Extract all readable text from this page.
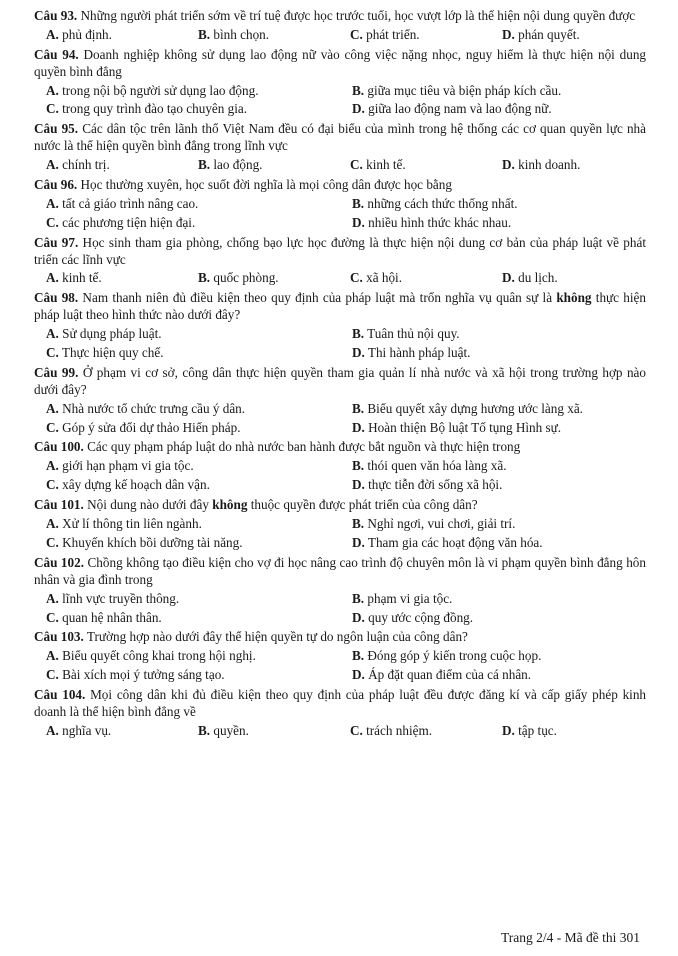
Câu 93. Những người phát triển sớm về trí tuệ được học trước tuổi, học vượt lớp là thể hiện nội dung quyền được
A. phủ định.	B. bình chọn.	C. phát triển.	D. phán quyết.
Câu 94. Doanh nghiệp không sử dụng lao động nữ vào công việc nặng nhọc, nguy hiểm là thực hiện nội dung quyền bình đẳng
A. trong nội bộ người sử dụng lao động.	B. giữa mục tiêu và biện pháp kích cầu.
C. trong quy trình đào tạo chuyên gia.	D. giữa lao động nam và lao động nữ.
Câu 95. Các dân tộc trên lãnh thổ Việt Nam đều có đại biểu của mình trong hệ thống các cơ quan quyền lực nhà nước là thể hiện quyền bình đẳng trong lĩnh vực
A. chính trị.	B. lao động.	C. kinh tế.	D. kinh doanh.
Câu 96. Học thường xuyên, học suốt đời nghĩa là mọi công dân được học bằng
A. tất cả giáo trình nâng cao.	B. những cách thức thống nhất.
C. các phương tiện hiện đại.	D. nhiều hình thức khác nhau.
Câu 97. Học sinh tham gia phòng, chống bạo lực học đường là thực hiện nội dung cơ bản của pháp luật về phát triển các lĩnh vực
A. kinh tế.	B. quốc phòng.	C. xã hội.	D. du lịch.
Câu 98. Nam thanh niên đủ điều kiện theo quy định của pháp luật mà trốn nghĩa vụ quân sự là không thực hiện pháp luật theo hình thức nào dưới đây?
A. Sử dụng pháp luật.	B. Tuân thủ nội quy.
C. Thực hiện quy chế.	D. Thi hành pháp luật.
Câu 99. Ở phạm vi cơ sở, công dân thực hiện quyền tham gia quản lí nhà nước và xã hội trong trường hợp nào dưới đây?
A. Nhà nước tổ chức trưng cầu ý dân.	B. Biểu quyết xây dựng hương ước làng xã.
C. Góp ý sửa đổi dự thảo Hiến pháp.	D. Hoàn thiện Bộ luật Tố tụng Hình sự.
Câu 100. Các quy phạm pháp luật do nhà nước ban hành được bắt nguồn và thực hiện trong
A. giới hạn phạm vi gia tộc.	B. thói quen văn hóa làng xã.
C. xây dựng kế hoạch dân vận.	D. thực tiễn đời sống xã hội.
Câu 101. Nội dung nào dưới đây không thuộc quyền được phát triển của công dân?
A. Xử lí thông tin liên ngành.	B. Nghỉ ngơi, vui chơi, giải trí.
C. Khuyến khích bồi dưỡng tài năng.	D. Tham gia các hoạt động văn hóa.
Câu 102. Chồng không tạo điều kiện cho vợ đi học nâng cao trình độ chuyên môn là vi phạm quyền bình đẳng hôn nhân và gia đình trong
A. lĩnh vực truyền thông.	B. phạm vi gia tộc.
C. quan hệ nhân thân.	D. quy ước cộng đồng.
Câu 103. Trường hợp nào dưới đây thể hiện quyền tự do ngôn luận của công dân?
A. Biểu quyết công khai trong hội nghị.	B. Đóng góp ý kiến trong cuộc họp.
C. Bài xích mọi ý tưởng sáng tạo.	D. Áp đặt quan điểm của cá nhân.
Câu 104. Mọi công dân khi đủ điều kiện theo quy định của pháp luật đều được đăng kí và cấp giấy phép kinh doanh là thể hiện bình đẳng về
A. nghĩa vụ.	B. quyền.	C. trách nhiệm.	D. tập tục.
Trang 2/4 - Mã đề thi 301
